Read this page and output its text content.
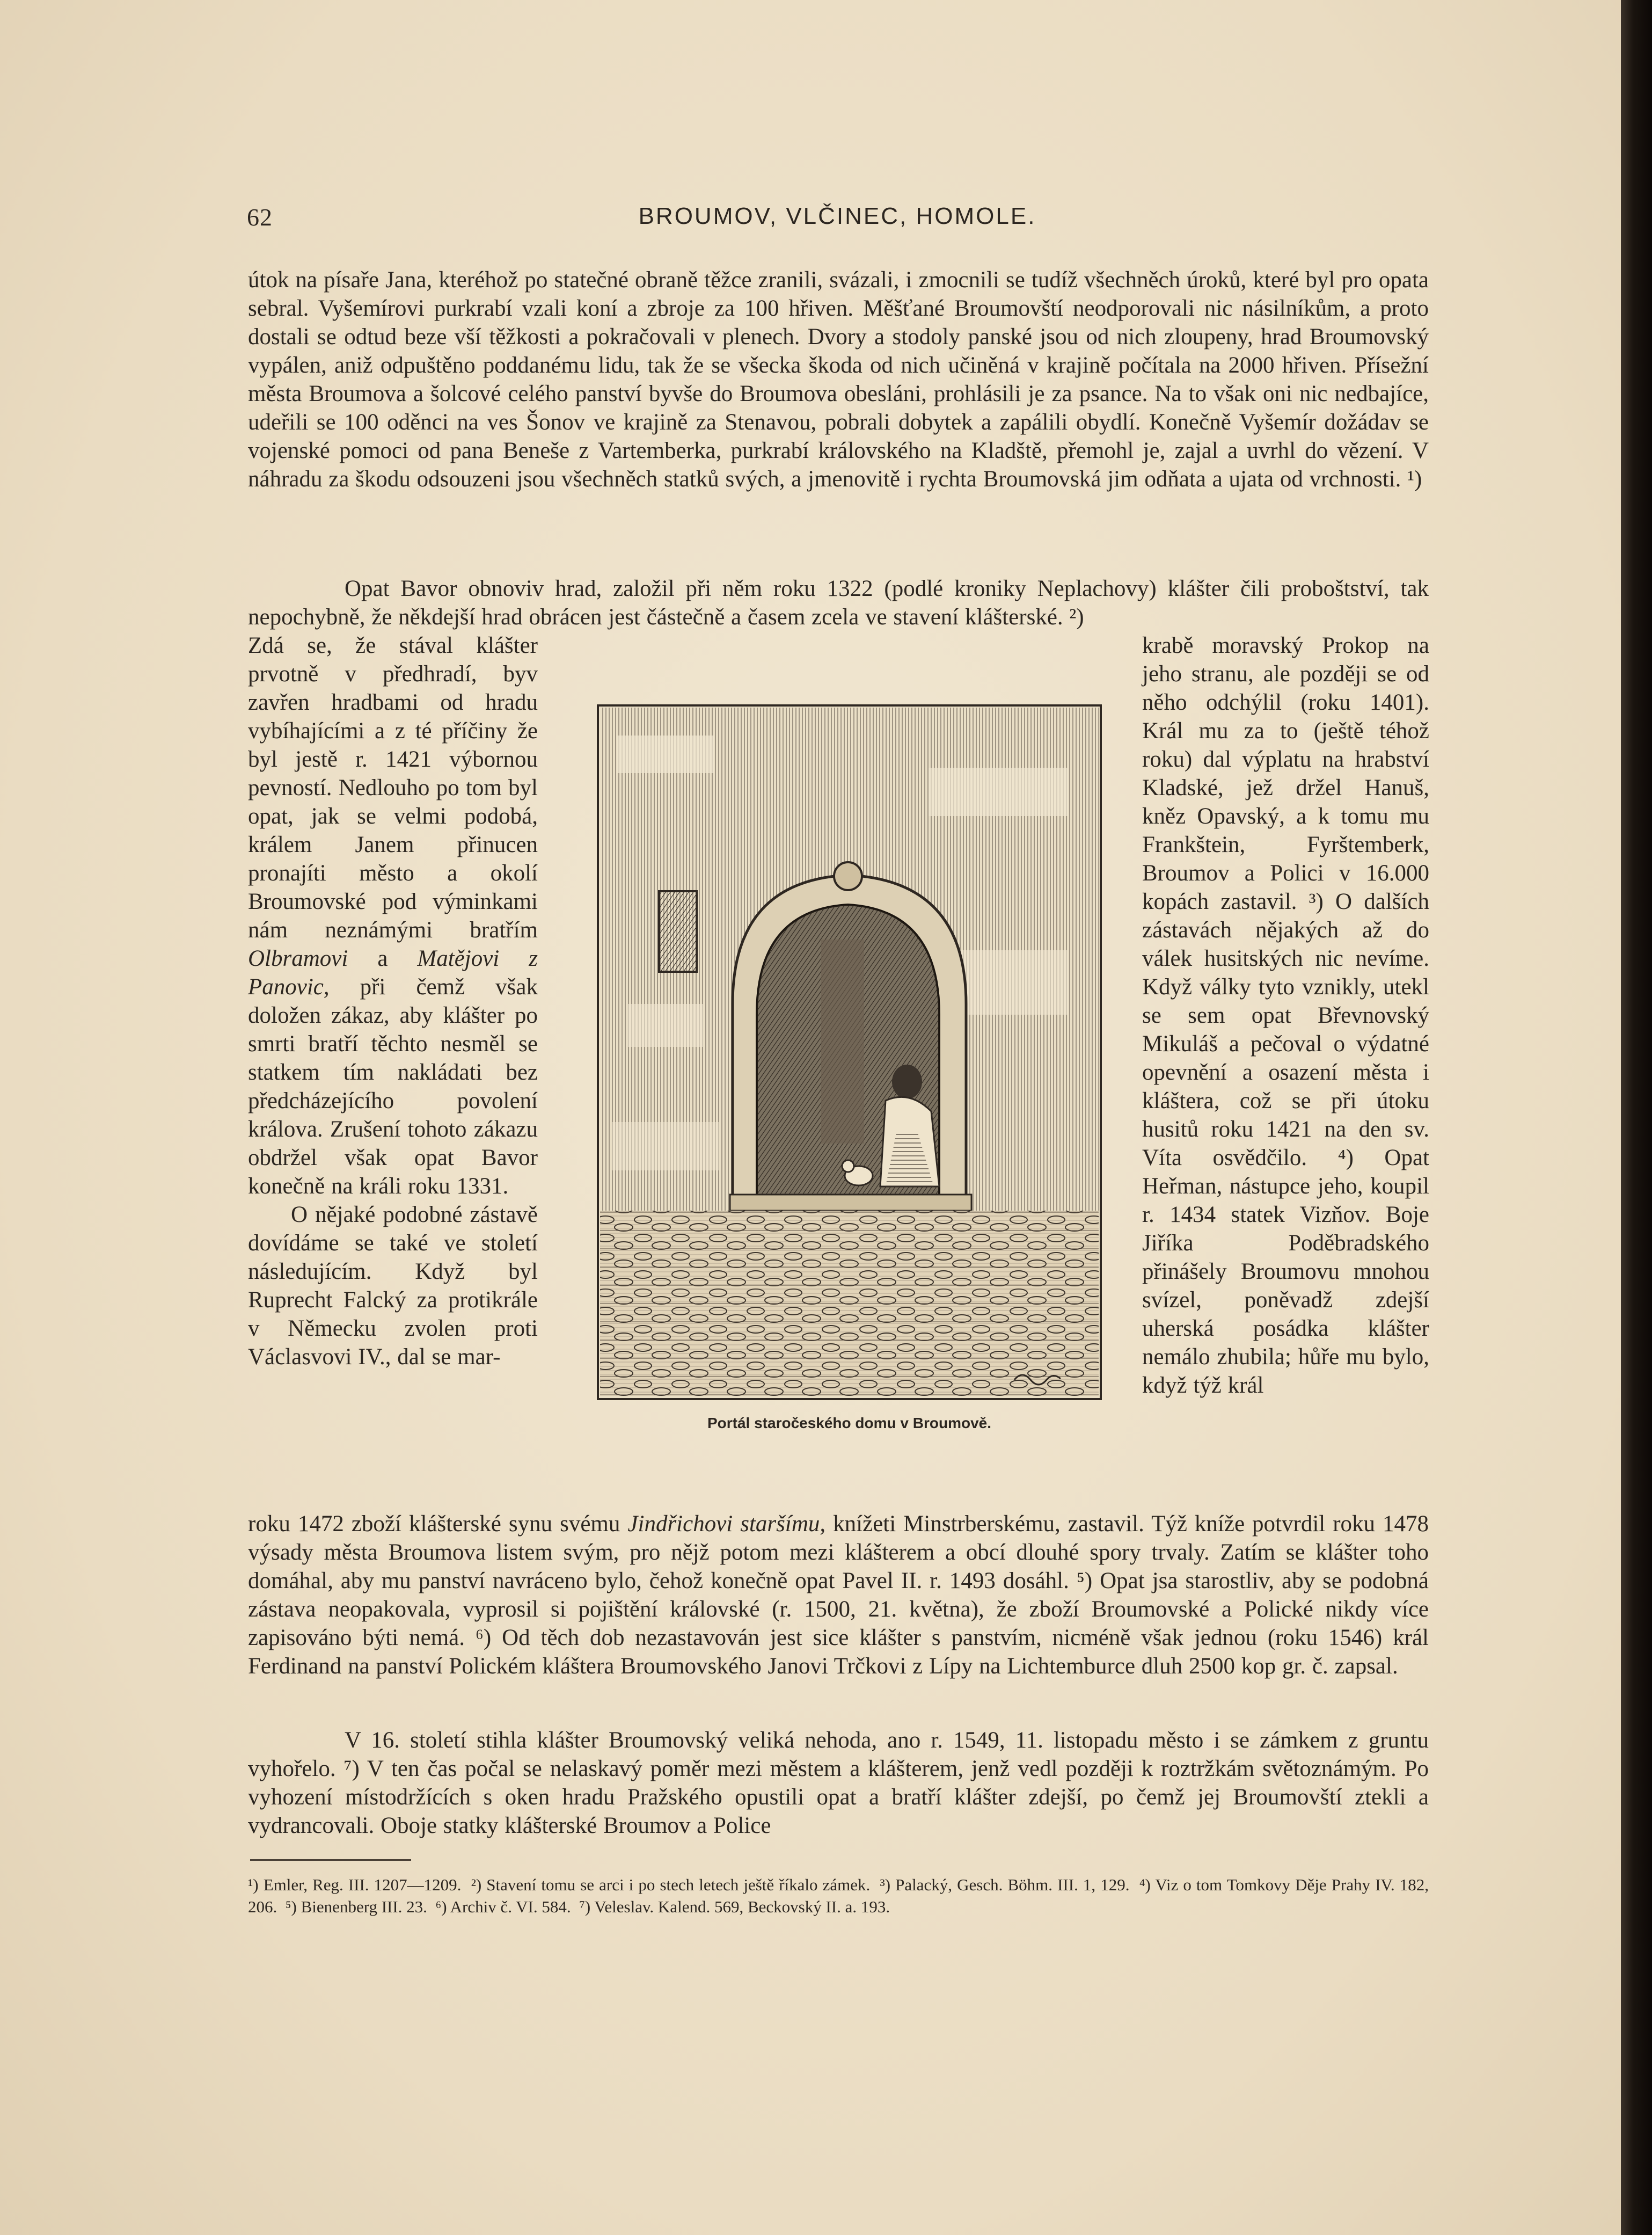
62	BROUMOV, VLČINEC, HOMOLE.

útok na písaře Jana, kteréhož po statečné obraně těžce zranili, svázali, i zmocnili se tudíž všechněch úroků, které byl pro opata sebral. Vyšemírovi purkrabí vzali koní a zbroje za 100 hřiven. Měšťané Broumovští neodporovali nic násilníkům, a proto dostali se odtud beze vší těžkosti a pokračovali v plenech. Dvory a stodoly panské jsou od nich zloupeny, hrad Broumovský vypálen, aniž odpuštěno poddanému lidu, tak že se všecka škoda od nich učiněná v krajině počítala na 2000 hřiven. Přísežní města Broumova a šolcové celého panství byvše do Broumova obesláni, prohlásili je za psance. Na to však oni nic nedbajíce, udeřili se 100 oděnci na ves Šonov ve krajině za Stenavou, pobrali dobytek a zapálili obydlí. Konečně Vyšemír dožádav se vojenské pomoci od pana Beneše z Vartemberka, purkrabí královského na Kladště, přemohl je, zajal a uvrhl do vězení. V náhradu za škodu odsouzeni jsou všechněch statků svých, a jmenovitě i rychta Broumovská jim odňata a ujata od vrchnosti. ¹)

Opat Bavor obnoviv hrad, založil při něm roku 1322 (podlé kroniky Neplachovy) klášter čili proboštství, tak nepochybně, že někdejší hrad obrácen jest částečně a časem zcela ve stavení klášterské. ²)

Zdá se, že stával klášter prvotně v předhradí, byv zavřen hradbami od hradu vybíhajícími a z té příčiny že byl jestě r. 1421 výbornou pevností. Nedlouho po tom byl opat, jak se velmi podobá, králem Janem přinucen pronajíti město a okolí Broumovské pod výminkami nám neznámými bratřím Olbramovi a Matějovi z Panovic, při čemž však doložen zákaz, aby klášter po smrti bratří těchto nesměl se statkem tím nakládati bez předcházejícího povolení králova. Zrušení tohoto zákazu obdržel však opat Bavor konečně na králi roku 1331.

O nějaké podobné zástavě dovídáme se také ve století následujícím. Když byl Ruprecht Falcký za protikrále v Německu zvolen proti Václasvovi IV., dal se mar-

Portál staročeského domu v Broumově.

krabě moravský Prokop na jeho stranu, ale později se od něho odchýlil (roku 1401). Král mu za to (ještě téhož roku) dal výplatu na hrabství Kladské, jež držel Hanuš, kněz Opavský, a k tomu mu Frankštein, Fyrštemberk, Broumov a Polici v 16.000 kopách zastavil. ³) O dalších zástavách nějakých až do válek husitských nic nevíme. Když války tyto vznikly, utekl se sem opat Břevnovský Mikuláš a pečoval o výdatné opevnění a osazení města i kláštera, což se při útoku husitů roku 1421 na den sv. Víta osvědčilo. ⁴) Opat Heřman, nástupce jeho, koupil r. 1434 statek Vizňov. Boje Jiříka Poděbradského přinášely Broumovu mnohou svízel, poněvadž zdejší uherská posádka klášter nemálo zhubila; hůře mu bylo, když týž král

roku 1472 zboží klášterské synu svému Jindřichovi staršímu, knížeti Minstrberskému, zastavil. Týž kníže potvrdil roku 1478 výsady města Broumova listem svým, pro nějž potom mezi klášterem a obcí dlouhé spory trvaly. Zatím se klášter toho domáhal, aby mu panství navráceno bylo, čehož konečně opat Pavel II. r. 1493 dosáhl. ⁵) Opat jsa starostliv, aby se podobná zástava neopakovala, vyprosil si pojištění královské (r. 1500, 21. května), že zboží Broumovské a Polické nikdy více zapisováno býti nemá. ⁶) Od těch dob nezastavován jest sice klášter s panstvím, nicméně však jednou (roku 1546) král Ferdinand na panství Polickém kláštera Broumovského Janovi Trčkovi z Lípy na Lichtemburce dluh 2500 kop gr. č. zapsal.

V 16. století stihla klášter Broumovský veliká nehoda, ano r. 1549, 11. listopadu město i se zámkem z gruntu vyhořelo. ⁷) V ten čas počal se nelaskavý poměr mezi městem a klášterem, jenž vedl později k roztržkám světoznámým. Po vyhození místodržících s oken hradu Pražského opustili opat a bratří klášter zdejší, po čemž jej Broumovští ztekli a vydrancovali. Oboje statky klášterské Broumov a Police

¹) Emler, Reg. III. 1207—1209. ²) Stavení tomu se arci i po stech letech ještě říkalo zámek. ³) Palacký, Gesch. Böhm. III. 1, 129. ⁴) Viz o tom Tomkovy Děje Prahy IV. 182, 206. ⁵) Bienenberg III. 23. ⁶) Archiv č. VI. 584. ⁷) Veleslav. Kalend. 569, Beckovský II. a. 193.
